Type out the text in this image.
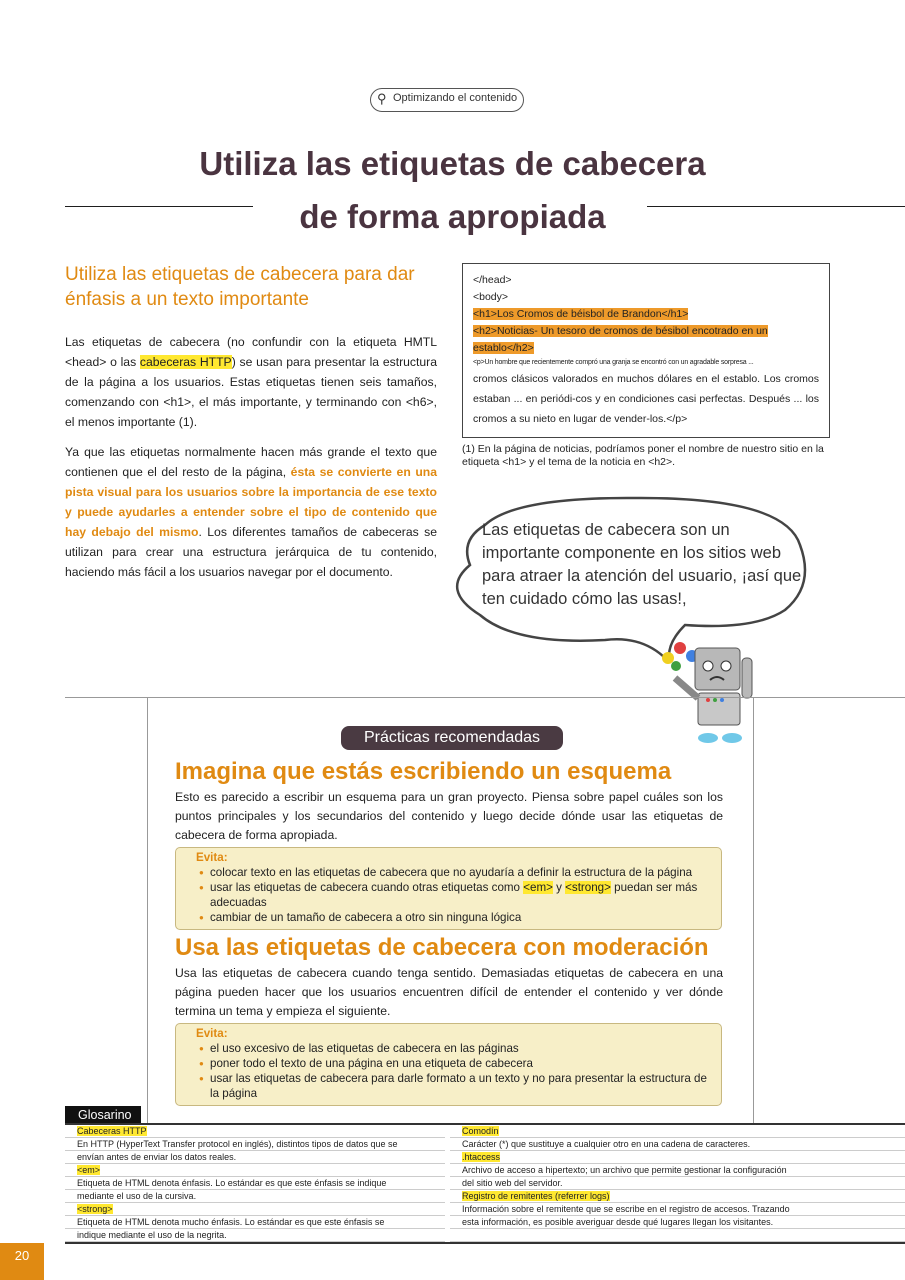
⚲ Optimizando el contenido
Utiliza las etiquetas de cabecera
de forma apropiada
Utiliza las etiquetas de cabecera para dar énfasis a un texto importante
Las etiquetas de cabecera (no confundir con la etiqueta HMTL <head> o las cabeceras HTTP) se usan para presentar la estructura de la página a los usuarios. Estas etiquetas tienen seis tamaños, comenzando con <h1>, el más importante, y terminando con <h6>, el menos importante (1).
Ya que las etiquetas normalmente hacen más grande el texto que contienen que el del resto de la página, ésta se convierte en una pista visual para los usuarios sobre la importancia de ese texto y puede ayudarles a entender sobre el tipo de contenido que hay debajo del mismo. Los diferentes tamaños de cabeceras se utilizan para crear una estructura jerárquica de tu contenido, haciendo más fácil a los usuarios navegar por el documento.
</head>
<body>
<h1>Los Cromos de béisbol de Brandon</h1>
<h2>Noticias- Un tesoro de cromos de bésibol encotrado en un establo</h2>
<p>Un hombre que recientemente compró una granja se encontró con un agradable sorpresa ...
cromos clásicos valorados en muchos dólares en el establo. Los cromos estaban ... en periódi-cos y en condiciones casi perfectas. Después ... los cromos a su nieto en lugar de vender-los.</p>
(1) En la página de noticias, podríamos poner el nombre de nuestro sitio en la etiqueta <h1> y el tema de la noticia en <h2>.
Las etiquetas de cabecera son un importante componente en los sitios web para atraer la atención del usuario, ¡así que ten cuidado cómo las usas!,
Prácticas recomendadas
Imagina que estás escribiendo un esquema
Esto es parecido a escribir un esquema para un gran proyecto. Piensa sobre papel cuáles son los puntos principales y los secundarios del contenido y luego decide dónde usar las etiquetas de cabecera de forma apropiada.
Evita:
● colocar texto en las etiquetas de cabecera que no ayudaría a definir la estructura de la página
● usar las etiquetas de cabecera cuando otras etiquetas como <em> y <strong> puedan ser más adecuadas
● cambiar de un tamaño de cabecera a otro sin ninguna lógica
Usa las etiquetas de cabecera con moderación
Usa las etiquetas de cabecera cuando tenga sentido. Demasiadas etiquetas de cabecera en una página pueden hacer que los usuarios encuentren difícil de entender el contenido y ver dónde termina un tema y empieza el siguiente.
Evita:
● el uso excesivo de las etiquetas de cabecera en las páginas
● poner todo el texto de una página en una etiqueta de cabecera
● usar las etiquetas de cabecera para darle formato a un texto y no para presentar la estructura de la página
Glosarino
Cabeceras HTTP
En HTTP (HyperText Transfer protocol en inglés), distintos tipos de datos que se
envían antes de enviar los datos reales.
<em>
Etiqueta de HTML denota énfasis. Lo estándar es que este énfasis se indique
mediante el uso de la cursiva.
<strong>
Etiqueta de HTML denota mucho énfasis. Lo estándar es que este énfasis se
indique mediante el uso de la negrita.
Comodín
Carácter (*) que sustituye a cualquier otro en una cadena de caracteres.
.htaccess
Archivo de acceso a hipertexto; un archivo que permite gestionar la configuración
del sitio web del servidor.
Registro de remitentes (referrer logs)
Información sobre el remitente que se escribe en el registro de accesos. Trazando
esta información, es posible averiguar desde qué lugares llegan los visitantes.
20
